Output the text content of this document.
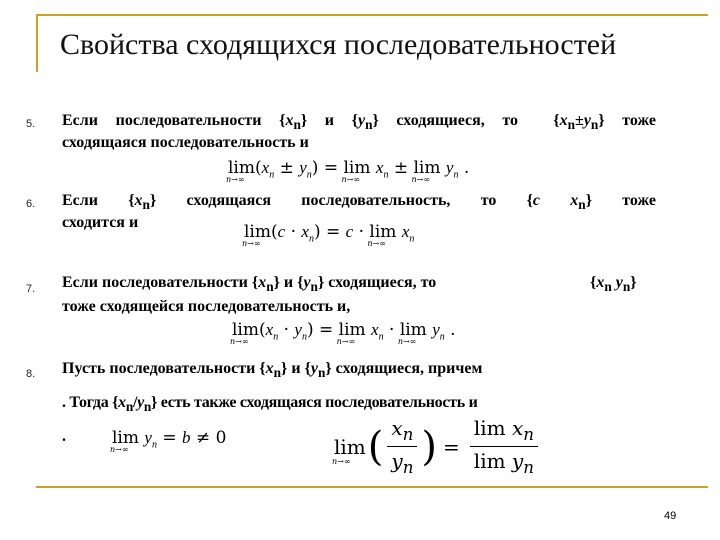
Свойства сходящихся последовательностей
5. Если последовательности $\{x_n\}$ и $\{y_n\}$ сходящиеся, то  $\{x_n\pm y_n\}$ тоже
сходящаяся последовательность и
lim
n→∞
$(x_n \pm y_n) = \lim$
n→∞
$x_n \pm \lim$
n→∞
$y_n$ .
6. Если  $\{x_n\}$  сходящаяся  последовательность,  то  {c $x_n$}  тоже
сходится и	lim
n→∞
$(c \cdot x_n) = c \cdot \lim$
n→∞
$x_n$
7. Если последовательности $\{x_n\}$ и $\{y_n\}$ сходящиеся, то	{$x_n$ $y_n$}
тоже сходящейся последовательность и,
lim
n→∞
$(x_n \cdot y_n) = \lim$
n→∞
$x_n \cdot \lim$
n→∞
$y_n$ .
8. Пусть последовательности $\{x_n\}$ и $\{y_n\}$ сходящиеся, причем
. Тогда $\{x_n/y_n\}$ есть также сходящаяся последовательность и
.	lim
n→∞
$y_n = b \ne 0$	lim
n→∞ ( $x_n$
$y_n$ ) = $\frac{\lim x_n}{\lim y_n}$
49
